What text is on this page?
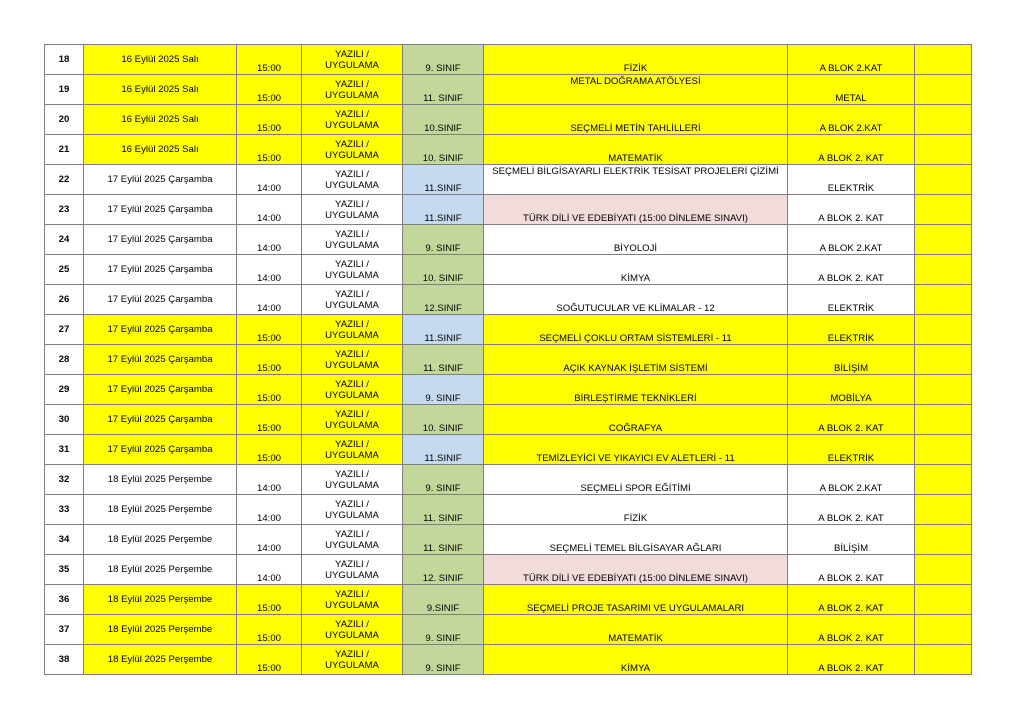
18	16 Eylül 2025 Salı	15:00	YAZILI /
UYGULAMA	9. SINIF	FİZİK	A BLOK 2.KAT	

19	16 Eylül 2025 Salı	15:00	YAZILI /
UYGULAMA	11. SINIF	METAL DOĞRAMA ATÖLYESİ	METAL	

20	16 Eylül 2025 Salı	15:00	YAZILI /
UYGULAMA	10.SINIF	SEÇMELİ METİN TAHLİLLERİ	A BLOK 2.KAT	

21	16 Eylül 2025 Salı	15:00	YAZILI /
UYGULAMA	10. SINIF	MATEMATİK	A BLOK 2. KAT	

22	17 Eylül 2025 Çarşamba	14:00	YAZILI /
UYGULAMA	11.SINIF	SEÇMELİ BİLGİSAYARLI ELEKTRİK TESİSAT PROJELERİ ÇİZİMİ	ELEKTRİK	

23	17 Eylül 2025 Çarşamba	14:00	YAZILI /
UYGULAMA	11.SINIF	TÜRK DİLİ VE EDEBİYATI (15:00 DİNLEME SINAVI)	A BLOK 2. KAT	

24	17 Eylül 2025 Çarşamba	14:00	YAZILI /
UYGULAMA	9. SINIF	BİYOLOJİ	A BLOK 2.KAT	

25	17 Eylül 2025 Çarşamba	14:00	YAZILI /
UYGULAMA	10. SINIF	KİMYA	A BLOK 2. KAT	

26	17 Eylül 2025 Çarşamba	14:00	YAZILI /
UYGULAMA	12.SINIF	SOĞUTUCULAR VE KLİMALAR - 12	ELEKTRİK	

27	17 Eylül 2025 Çarşamba	15:00	YAZILI /
UYGULAMA	11.SINIF	SEÇMELİ ÇOKLU ORTAM SİSTEMLERİ - 11	ELEKTRİK	

28	17 Eylül 2025 Çarşamba	15:00	YAZILI /
UYGULAMA	11. SINIF	AÇIK KAYNAK İŞLETİM SİSTEMİ	BİLİŞİM	

29	17 Eylül 2025 Çarşamba	15:00	YAZILI /
UYGULAMA	9. SINIF	BİRLEŞTİRME TEKNİKLERİ	MOBİLYA	

30	17 Eylül 2025 Çarşamba	15:00	YAZILI /
UYGULAMA	10. SINIF	COĞRAFYA	A BLOK 2. KAT	

31	17 Eylül 2025 Çarşamba	15:00	YAZILI /
UYGULAMA	11.SINIF	TEMİZLEYİCİ VE YIKAYICI EV ALETLERİ - 11	ELEKTRİK	

32	18 Eylül 2025 Perşembe	14:00	YAZILI /
UYGULAMA	9. SINIF	SEÇMELİ SPOR EĞİTİMİ	A BLOK 2.KAT	

33	18 Eylül 2025 Perşembe	14:00	YAZILI /
UYGULAMA	11. SINIF	FİZİK	A BLOK 2. KAT	

34	18 Eylül 2025 Perşembe	14:00	YAZILI /
UYGULAMA	11. SINIF	SEÇMELİ TEMEL BİLGİSAYAR AĞLARI	BİLİŞİM	

35	18 Eylül 2025 Perşembe	14:00	YAZILI /
UYGULAMA	12. SINIF	TÜRK DİLİ VE EDEBİYATI (15:00 DİNLEME SINAVI)	A BLOK 2. KAT	

36	18 Eylül 2025 Perşembe	15:00	YAZILI /
UYGULAMA	9.SINIF	SEÇMELİ PROJE TASARIMI VE UYGULAMALARI	A BLOK 2. KAT	

37	18 Eylül 2025 Perşembe	15:00	YAZILI /
UYGULAMA	9. SINIF	MATEMATİK	A BLOK 2. KAT	

38	18 Eylül 2025 Perşembe	15:00	YAZILI /
UYGULAMA	9. SINIF	KİMYA	A BLOK 2. KAT	
